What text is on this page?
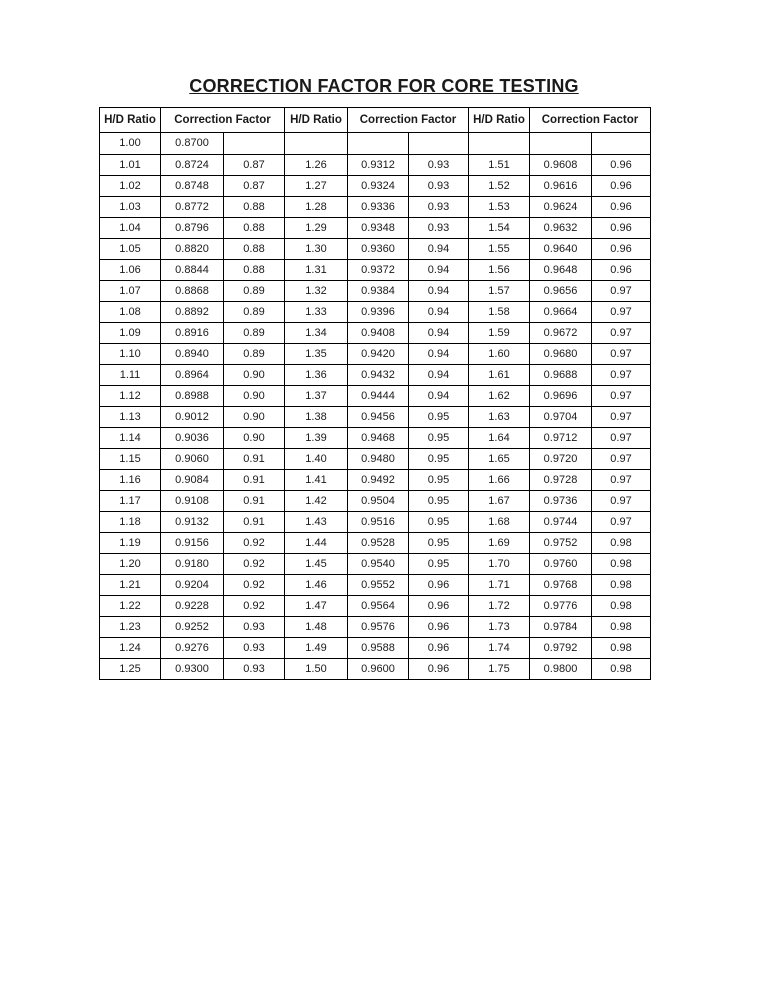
CORRECTION FACTOR FOR CORE TESTING
H/D Ratio	Correction Factor		H/D Ratio	Correction Factor		H/D Ratio	Correction Factor	
1.00	0.8700							
1.01	0.8724	0.87	1.26	0.9312	0.93	1.51	0.9608	0.96
1.02	0.8748	0.87	1.27	0.9324	0.93	1.52	0.9616	0.96
1.03	0.8772	0.88	1.28	0.9336	0.93	1.53	0.9624	0.96
1.04	0.8796	0.88	1.29	0.9348	0.93	1.54	0.9632	0.96
1.05	0.8820	0.88	1.30	0.9360	0.94	1.55	0.9640	0.96
1.06	0.8844	0.88	1.31	0.9372	0.94	1.56	0.9648	0.96
1.07	0.8868	0.89	1.32	0.9384	0.94	1.57	0.9656	0.97
1.08	0.8892	0.89	1.33	0.9396	0.94	1.58	0.9664	0.97
1.09	0.8916	0.89	1.34	0.9408	0.94	1.59	0.9672	0.97
1.10	0.8940	0.89	1.35	0.9420	0.94	1.60	0.9680	0.97
1.11	0.8964	0.90	1.36	0.9432	0.94	1.61	0.9688	0.97
1.12	0.8988	0.90	1.37	0.9444	0.94	1.62	0.9696	0.97
1.13	0.9012	0.90	1.38	0.9456	0.95	1.63	0.9704	0.97
1.14	0.9036	0.90	1.39	0.9468	0.95	1.64	0.9712	0.97
1.15	0.9060	0.91	1.40	0.9480	0.95	1.65	0.9720	0.97
1.16	0.9084	0.91	1.41	0.9492	0.95	1.66	0.9728	0.97
1.17	0.9108	0.91	1.42	0.9504	0.95	1.67	0.9736	0.97
1.18	0.9132	0.91	1.43	0.9516	0.95	1.68	0.9744	0.97
1.19	0.9156	0.92	1.44	0.9528	0.95	1.69	0.9752	0.98
1.20	0.9180	0.92	1.45	0.9540	0.95	1.70	0.9760	0.98
1.21	0.9204	0.92	1.46	0.9552	0.96	1.71	0.9768	0.98
1.22	0.9228	0.92	1.47	0.9564	0.96	1.72	0.9776	0.98
1.23	0.9252	0.93	1.48	0.9576	0.96	1.73	0.9784	0.98
1.24	0.9276	0.93	1.49	0.9588	0.96	1.74	0.9792	0.98
1.25	0.9300	0.93	1.50	0.9600	0.96	1.75	0.9800	0.98
